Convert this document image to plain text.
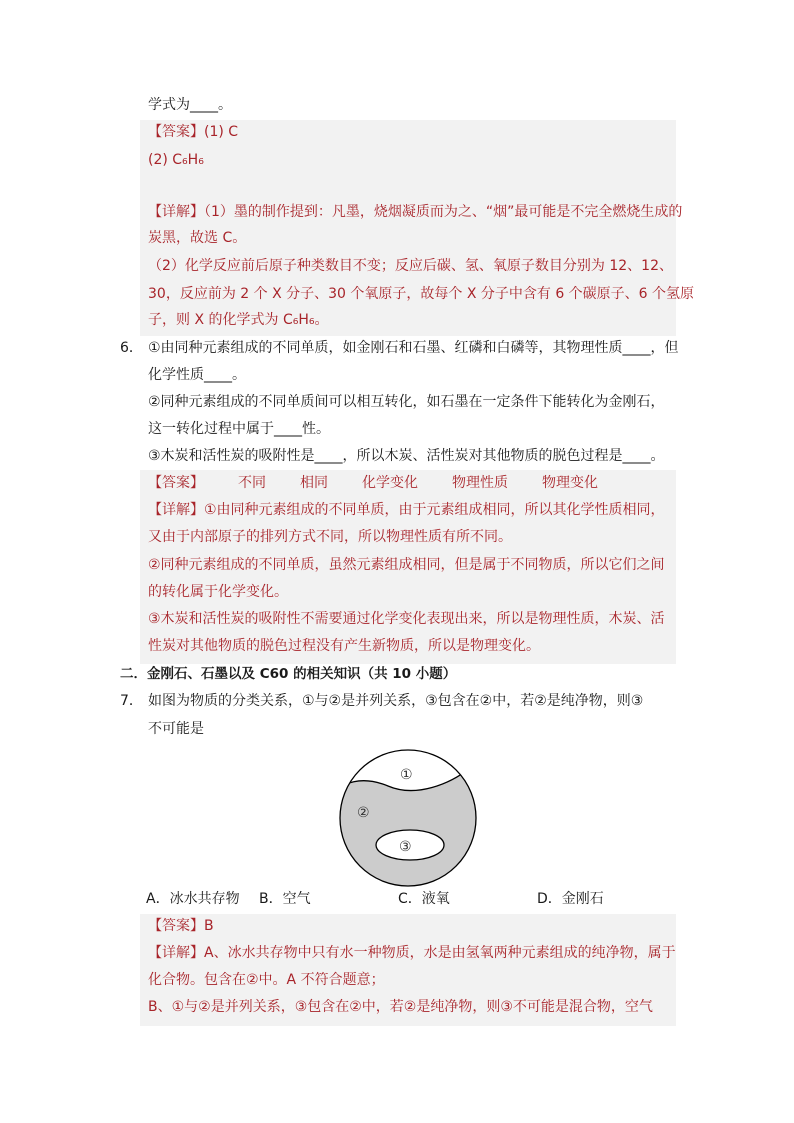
学式为____。
【答案】(1) C
(2) C₆H₆
【详解】（1）墨的制作提到：凡墨，烧烟凝质而为之、“烟”最可能是不完全燃烧生成的
炭黑，故选 C。
（2）化学反应前后原子种类数目不变；反应后碳、氢、氧原子数目分别为 12、12、
30，反应前为 2 个 X 分子、30 个氧原子，故每个 X 分子中含有 6 个碳原子、6 个氢原
子，则 X 的化学式为 C₆H₆。
6． ①由同种元素组成的不同单质，如金刚石和石墨、红磷和白磷等，其物理性质____，但
化学性质____。
②同种元素组成的不同单质间可以相互转化，如石墨在一定条件下能转化为金刚石，
这一转化过程中属于____性。
③木炭和活性炭的吸附性是____，所以木炭、活性炭对其他物质的脱色过程是____。
【答案】 不同 相同 化学变化 物理性质 物理变化
【详解】①由同种元素组成的不同单质，由于元素组成相同，所以其化学性质相同，
又由于内部原子的排列方式不同，所以物理性质有所不同。
②同种元素组成的不同单质，虽然元素组成相同，但是属于不同物质，所以它们之间
的转化属于化学变化。
③木炭和活性炭的吸附性不需要通过化学变化表现出来，所以是物理性质，木炭、活
性炭对其他物质的脱色过程没有产生新物质，所以是物理变化。
二．金刚石、石墨以及 C60 的相关知识（共 10 小题）
7． 如图为物质的分类关系，①与②是并列关系，③包含在②中，若②是纯净物，则③
不可能是
①
②
③
A．冰水共存物 B．空气	C．液氧	D．金刚石
【答案】B
【详解】A、冰水共存物中只有水一种物质，水是由氢氧两种元素组成的纯净物，属于
化合物。包含在②中。A 不符合题意；
B、①与②是并列关系，③包含在②中，若②是纯净物，则③不可能是混合物，空气
